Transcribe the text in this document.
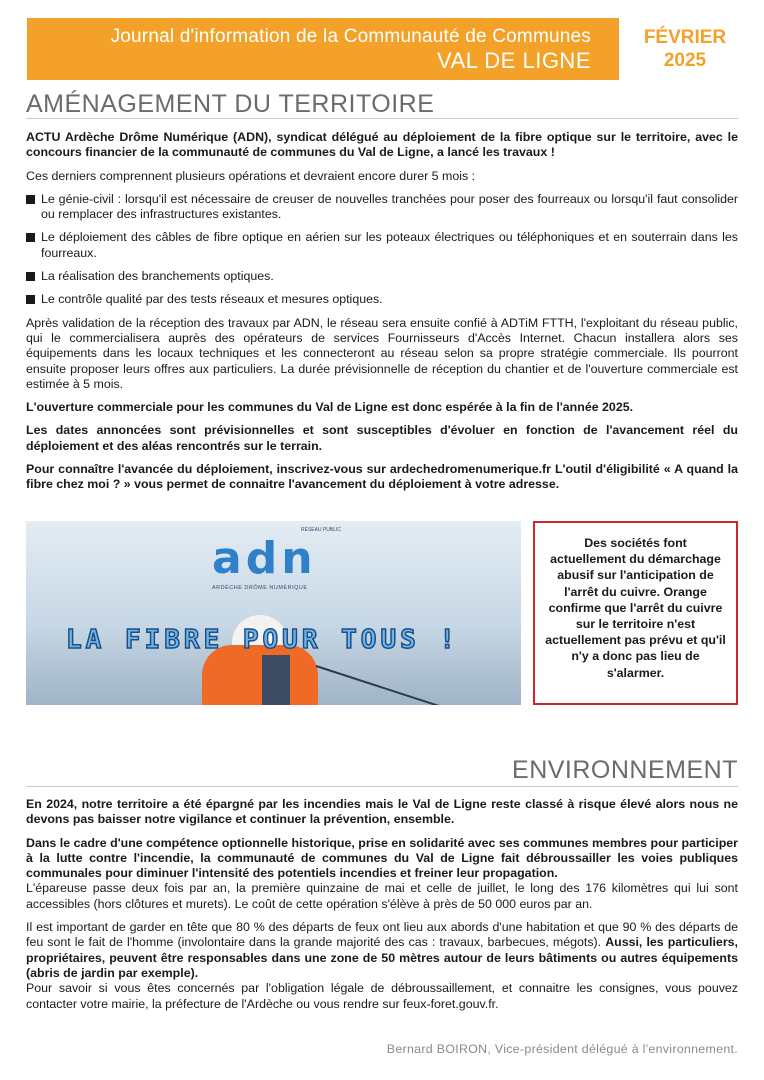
Journal d'information de la Communauté de Communes
VAL DE LIGNE
FÉVRIER
2025
AMÉNAGEMENT DU TERRITOIRE

ACTU Ardèche Drôme Numérique (ADN), syndicat délégué au déploiement de la fibre optique sur le territoire, avec le concours financier de la communauté de communes du Val de Ligne, a lancé les travaux !

Ces derniers comprennent plusieurs opérations et devraient encore durer 5 mois :

Le génie-civil : lorsqu'il est nécessaire de creuser de nouvelles tranchées pour poser des fourreaux ou lorsqu'il faut consolider ou remplacer des infrastructures existantes.
Le déploiement des câbles de fibre optique en aérien sur les poteaux électriques ou téléphoniques et en souterrain dans les fourreaux.
La réalisation des branchements optiques.
Le contrôle qualité par des tests réseaux et mesures optiques.

Après validation de la réception des travaux par ADN, le réseau sera ensuite confié à ADTiM FTTH, l'exploitant du réseau public, qui le commercialisera auprès des opérateurs de services Fournisseurs d'Accès Internet. Chacun installera alors ses équipements dans les locaux techniques et les connecteront au réseau selon sa propre stratégie commerciale. Ils pourront ensuite proposer leurs offres aux particuliers. La durée prévisionnelle de réception du chantier et de l'ouverture commerciale est estimée à 5 mois.

L'ouverture commerciale pour les communes du Val de Ligne est donc espérée à la fin de l'année 2025.

Les dates annoncées sont prévisionnelles et sont susceptibles d'évoluer en fonction de l'avancement réel du déploiement et des aléas rencontrés sur le terrain.

Pour connaître l'avancée du déploiement, inscrivez-vous sur ardechedromenumerique.fr L'outil d'éligibilité « A quand la fibre chez moi ? » vous permet de connaitre l'avancement du déploiement à votre adresse.

RÉSEAU PUBLIC
adn
ARDÈCHE DRÔME NUMÉRIQUE
LA FIBRE POUR TOUS !
Des sociétés font actuellement du démarchage abusif sur l'anticipation de l'arrêt du cuivre. Orange confirme que l'arrêt du cuivre sur le territoire n'est actuellement pas prévu et qu'il n'y a donc pas lieu de s'alarmer.
ENVIRONNEMENT

En 2024, notre territoire a été épargné par les incendies mais le Val de Ligne reste classé à risque élevé alors nous ne devons pas baisser notre vigilance et continuer la prévention, ensemble.

Dans le cadre d'une compétence optionnelle historique, prise en solidarité avec ses communes membres pour participer à la lutte contre l'incendie, la communauté de communes du Val de Ligne fait débroussailler les voies publiques communales pour diminuer l'intensité des potentiels incendies et freiner leur propagation.

L'épareuse passe deux fois par an, la première quinzaine de mai et celle de juillet, le long des 176 kilomètres qui lui sont accessibles (hors clôtures et murets). Le coût de cette opération s'élève à près de 50 000 euros par an.

Il est important de garder en tête que 80 % des départs de feux ont lieu aux abords d'une habitation et que 90 % des départs de feu sont le fait de l'homme (involontaire dans la grande majorité des cas : travaux, barbecues, mégots). Aussi, les particuliers, propriétaires, peuvent être responsables dans une zone de 50 mètres autour de leurs bâtiments ou autres équipements (abris de jardin par exemple).

Pour savoir si vous êtes concernés par l'obligation légale de débroussaillement, et connaitre les consignes, vous pouvez contacter votre mairie, la préfecture de l'Ardèche ou vous rendre sur feux-foret.gouv.fr.

Bernard BOIRON, Vice-président délégué à l'environnement.
